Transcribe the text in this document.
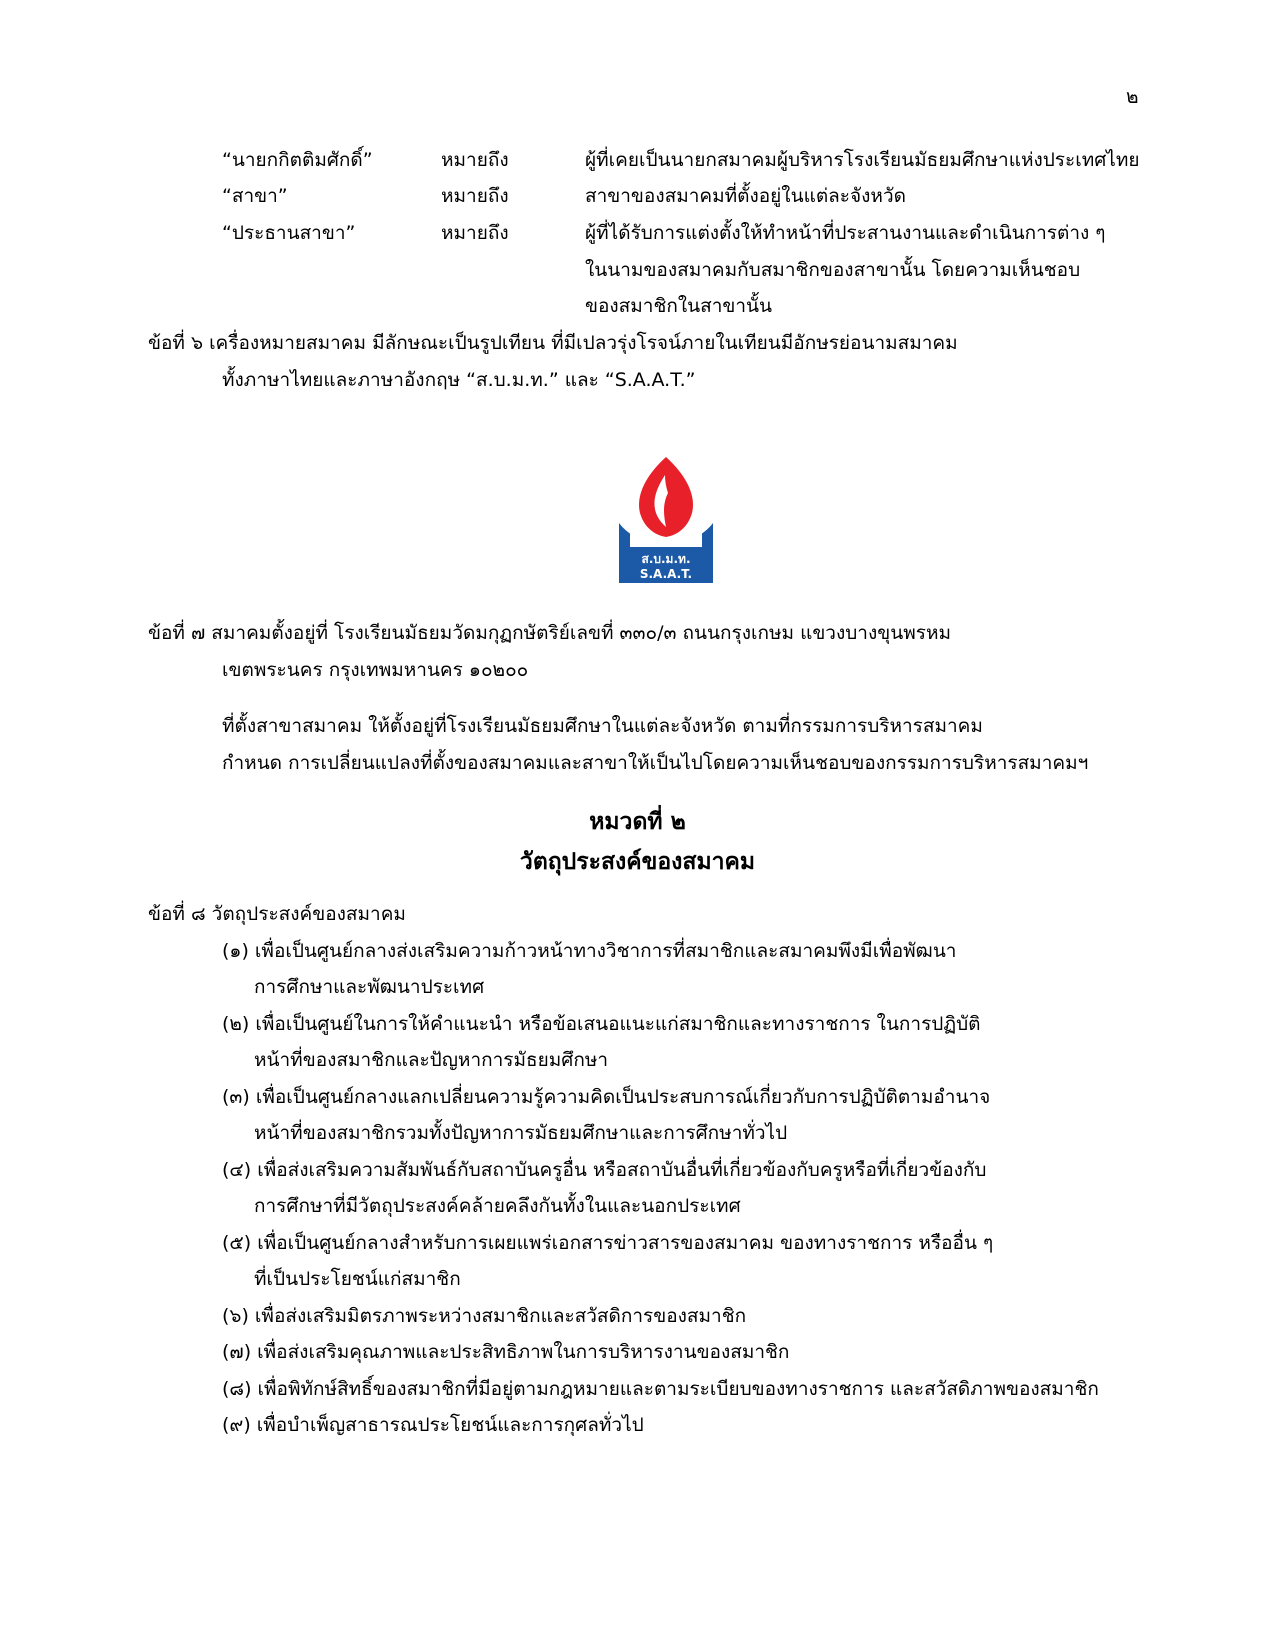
๒
“นายกกิตติมศักดิ์”	หมายถึง	ผู้ที่เคยเป็นนายกสมาคมผู้บริหารโรงเรียนมัธยมศึกษาแห่งประเทศไทย
“สาขา”	หมายถึง	สาขาของสมาคมที่ตั้งอยู่ในแต่ละจังหวัด
“ประธานสาขา”	หมายถึง	ผู้ที่ได้รับการแต่งตั้งให้ทำหน้าที่ประสานงานและดำเนินการต่าง ๆ
ในนามของสมาคมกับสมาชิกของสาขานั้น โดยความเห็นชอบ
ของสมาชิกในสาขานั้น
ข้อที่ ๖ เครื่องหมายสมาคม มีลักษณะเป็นรูปเทียน ที่มีเปลวรุ่งโรจน์ภายในเทียนมีอักษรย่อนามสมาคม
ทั้งภาษาไทยและภาษาอังกฤษ “ส.บ.ม.ท.” และ “S.A.A.T.”
ส.บ.ม.ท.
S.A.A.T.
ข้อที่ ๗ สมาคมตั้งอยู่ที่ โรงเรียนมัธยมวัดมกุฏกษัตริย์เลขที่ ๓๓๐/๓ ถนนกรุงเกษม แขวงบางขุนพรหม
เขตพระนคร กรุงเทพมหานคร ๑๐๒๐๐
ที่ตั้งสาขาสมาคม ให้ตั้งอยู่ที่โรงเรียนมัธยมศึกษาในแต่ละจังหวัด ตามที่กรรมการบริหารสมาคม
กำหนด การเปลี่ยนแปลงที่ตั้งของสมาคมและสาขาให้เป็นไปโดยความเห็นชอบของกรรมการบริหารสมาคมฯ
หมวดที่ ๒
วัตถุประสงค์ของสมาคม
ข้อที่ ๘ วัตถุประสงค์ของสมาคม
(๑) เพื่อเป็นศูนย์กลางส่งเสริมความก้าวหน้าทางวิชาการที่สมาชิกและสมาคมพึงมีเพื่อพัฒนา
การศึกษาและพัฒนาประเทศ
(๒) เพื่อเป็นศูนย์ในการให้คำแนะนำ หรือข้อเสนอแนะแก่สมาชิกและทางราชการ ในการปฏิบัติ
หน้าที่ของสมาชิกและปัญหาการมัธยมศึกษา
(๓) เพื่อเป็นศูนย์กลางแลกเปลี่ยนความรู้ความคิดเป็นประสบการณ์เกี่ยวกับการปฏิบัติตามอำนาจ
หน้าที่ของสมาชิกรวมทั้งปัญหาการมัธยมศึกษาและการศึกษาทั่วไป
(๔) เพื่อส่งเสริมความสัมพันธ์กับสถาบันครูอื่น หรือสถาบันอื่นที่เกี่ยวข้องกับครูหรือที่เกี่ยวข้องกับ
การศึกษาที่มีวัตถุประสงค์คล้ายคลึงกันทั้งในและนอกประเทศ
(๕) เพื่อเป็นศูนย์กลางสำหรับการเผยแพร่เอกสารข่าวสารของสมาคม ของทางราชการ หรืออื่น ๆ
ที่เป็นประโยชน์แก่สมาชิก
(๖) เพื่อส่งเสริมมิตรภาพระหว่างสมาชิกและสวัสดิการของสมาชิก
(๗) เพื่อส่งเสริมคุณภาพและประสิทธิภาพในการบริหารงานของสมาชิก
(๘) เพื่อพิทักษ์สิทธิ์ของสมาชิกที่มีอยู่ตามกฎหมายและตามระเบียบของทางราชการ และสวัสดิภาพของสมาชิก
(๙) เพื่อบำเพ็ญสาธารณประโยชน์และการกุศลทั่วไป
